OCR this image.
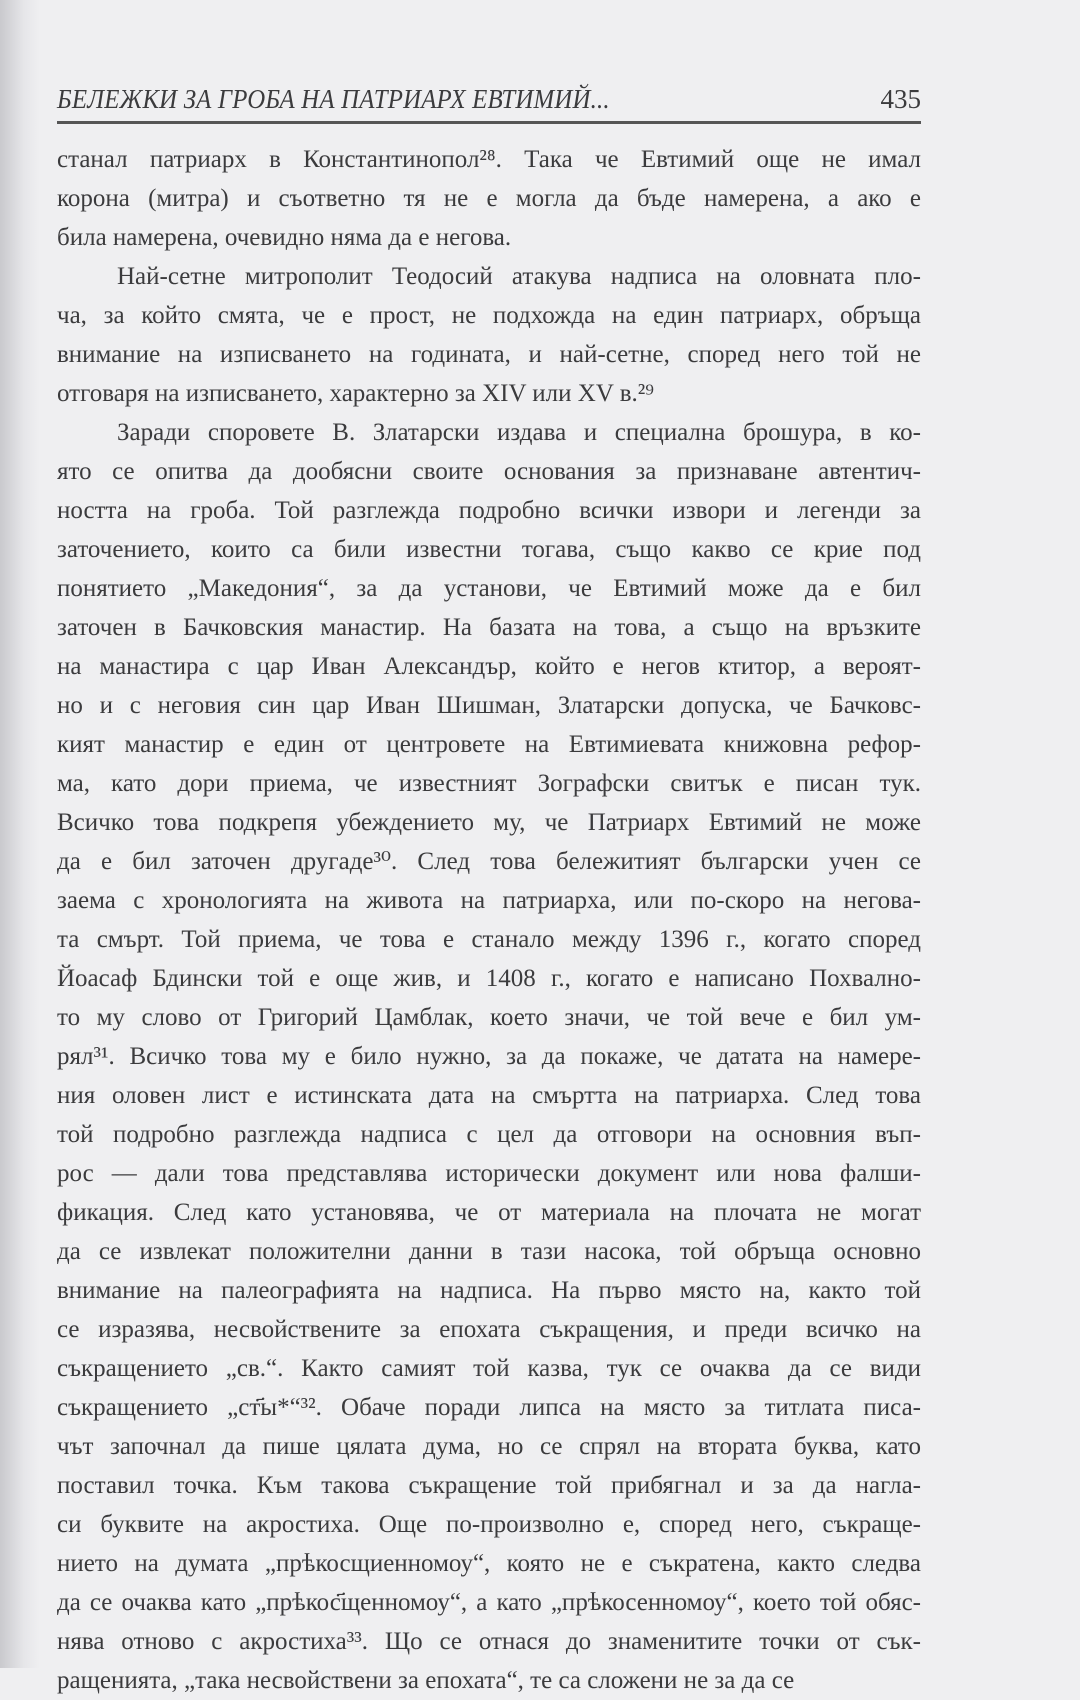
БЕЛЕЖКИ ЗА ГРОБА НА ПАТРИАРХ ЕВТИМИЙ...	435
станал патриарх в Константинопол²⁸. Така че Евтимий още не имал
корона (митра) и съответно тя не е могла да бъде намерена, а ако е
била намерена, очевидно няма да е негова.
Най-сетне митрополит Теодосий атакува надписа на оловната пло-
ча, за който смята, че е прост, не подхожда на един патриарх, обръща
внимание на изписването на годината, и най-сетне, според него той не
отговаря на изписването, характерно за XIV или XV в.²⁹
Заради споровете В. Златарски издава и специална брошура, в ко-
ято се опитва да дообясни своите основания за признаване автентич-
ността на гроба. Той разглежда подробно всички извори и легенди за
заточението, които са били известни тогава, също какво се крие под
понятието „Македония“, за да установи, че Евтимий може да е бил
заточен в Бачковския манастир. На базата на това, а също на връзките
на манастира с цар Иван Александър, който е негов ктитор, а вероят-
но и с неговия син цар Иван Шишман, Златарски допуска, че Бачковс-
кият манастир е един от центровете на Евтимиевата книжовна рефор-
ма, като дори приема, че известният Зографски свитък е писан тук.
Всичко това подкрепя убеждението му, че Патриарх Евтимий не може
да е бил заточен другаде³⁰. След това бележитият български учен се
заема с хронологията на живота на патриарха, или по-скоро на негова-
та смърт. Той приема, че това е станало между 1396 г., когато според
Йоасаф Бдински той е още жив, и 1408 г., когато е написано Похвално-
то му слово от Григорий Цамблак, което значи, че той вече е бил ум-
рял³¹. Всичко това му е било нужно, за да покаже, че датата на намере-
ния оловен лист е истинската дата на смъртта на патриарха. След това
той подробно разглежда надписа с цел да отговори на основния въп-
рос — дали това представлява исторически документ или нова фалши-
фикация. След като установява, че от материала на плочата не могат
да се извлекат положителни данни в тази насока, той обръща основно
внимание на палеографията на надписа. На първо място на, както той
се изразява, несвойствените за епохата съкращения, и преди всичко на
съкращението „св.“. Както самият той казва, тук се очаква да се види
съкращението „ст҃ы*“³². Обаче поради липса на място за титлата писа-
чът започнал да пише цялата дума, но се спрял на втората буква, като
поставил точка. Към такова съкращение той прибягнал и за да нагла-
си буквите на акростиха. Още по-произволно е, според него, съкраще-
нието на думата „прѣкосщиенномоу“, която не е съкратена, както следва
да се очаква като „прѣкос҃щенномоу“, а като „прѣкосенномоу“, което той обяс-
нява отново с акростиха³³. Що се отнася до знаменитите точки от сък-
ращенията, „така несвойствени за епохата“, те са сложени не за да се
